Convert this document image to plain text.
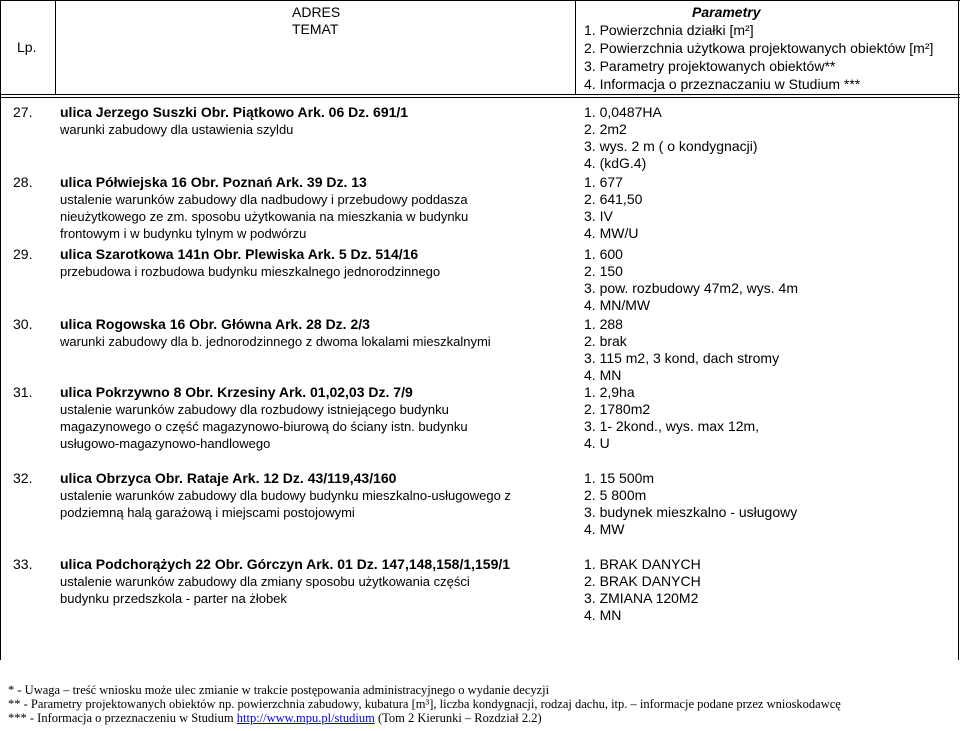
Lp.
ADRES
TEMAT
Parametry
1. Powierzchnia działki [m²]
2. Powierzchnia użytkowa projektowanych obiektów [m²]
3. Parametry projektowanych obiektów**
4. Informacja o przeznaczaniu w Studium ***
27. ulica Jerzego Suszki Obr. Piątkowo Ark. 06 Dz. 691/1
warunki zabudowy dla ustawienia szyldu
1. 0,0487HA
2. 2m2
3. wys. 2 m ( o kondygnacji)
4. (kdG.4)
28. ulica Półwiejska 16 Obr. Poznań Ark. 39 Dz. 13
ustalenie warunków zabudowy dla nadbudowy i przebudowy poddasza
nieużytkowego ze zm. sposobu użytkowania na mieszkania w budynku
frontowym i w budynku tylnym w podwórzu
1. 677
2. 641,50
3. IV
4. MW/U
29. ulica Szarotkowa 141n Obr. Plewiska Ark. 5 Dz. 514/16
przebudowa i rozbudowa budynku mieszkalnego jednorodzinnego
1. 600
2. 150
3. pow. rozbudowy 47m2, wys. 4m
4. MN/MW
30. ulica Rogowska 16 Obr. Główna Ark. 28 Dz. 2/3
warunki zabudowy dla b. jednorodzinnego z dwoma lokalami mieszkalnymi
1. 288
2. brak
3. 115 m2, 3 kond, dach stromy
4. MN
31. ulica Pokrzywno 8 Obr. Krzesiny Ark. 01,02,03 Dz. 7/9
ustalenie warunków zabudowy dla rozbudowy istniejącego budynku
magazynowego o część magazynowo-biurową do ściany istn. budynku
usługowo-magazynowo-handlowego
1. 2,9ha
2. 1780m2
3. 1- 2kond., wys. max 12m,
4. U
32. ulica Obrzyca Obr. Rataje Ark. 12 Dz. 43/119,43/160
ustalenie warunków zabudowy dla budowy budynku mieszkalno-usługowego z
podziemną halą garażową i miejscami postojowymi
1. 15 500m
2. 5 800m
3. budynek mieszkalno - usługowy
4. MW
33. ulica Podchorążych 22 Obr. Górczyn Ark. 01 Dz. 147,148,158/1,159/1
ustalenie warunków zabudowy dla zmiany sposobu użytkowania części
budynku przedszkola - parter na żłobek
1. BRAK DANYCH
2. BRAK DANYCH
3. ZMIANA 120M2
4. MN
* - Uwaga – treść wniosku może ulec zmianie w trakcie postępowania administracyjnego o wydanie decyzji
** - Parametry projektowanych obiektów np. powierzchnia zabudowy, kubatura [m³], liczba kondygnacji, rodzaj dachu, itp. – informacje podane przez wnioskodawcę
*** - Informacja o przeznaczeniu w Studium http://www.mpu.pl/studium (Tom 2 Kierunki – Rozdział 2.2)
